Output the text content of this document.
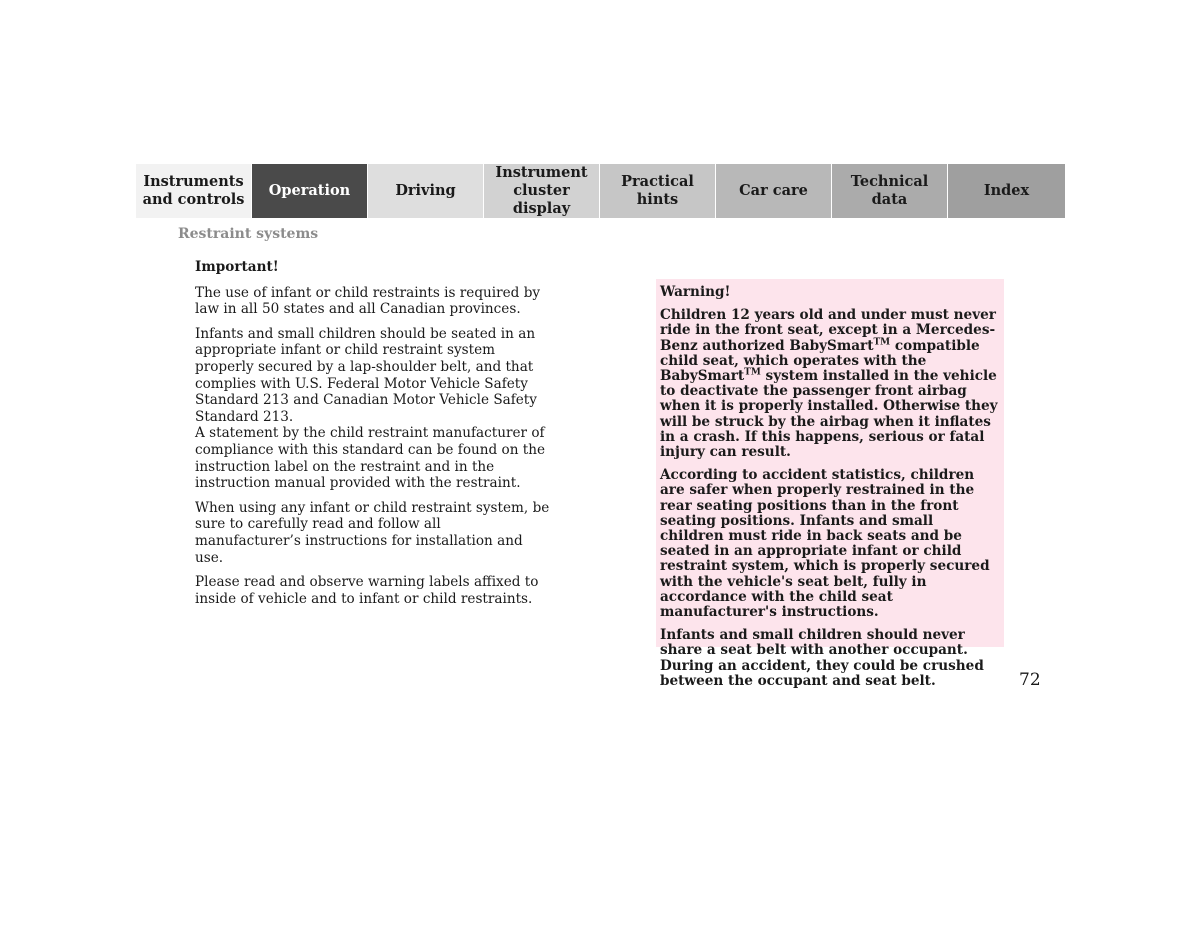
Instruments
and controls
Operation	Driving
Instrument
cluster display
Practical hints
Car care
Technical
data
Index
Restraint systems

Important!

The use of infant or child restraints is required by law in all 50 states and all Canadian provinces.

Infants and small children should be seated in an appropriate infant or child restraint system properly secured by a lap-shoulder belt, and that complies with U.S. Federal Motor Vehicle Safety Standard 213 and Canadian Motor Vehicle Safety Standard 213.

A statement by the child restraint manufacturer of compliance with this standard can be found on the instruction label on the restraint and in the instruction manual provided with the restraint.

When using any infant or child restraint system, be sure to carefully read and follow all manufacturer’s instructions for installation and use.

Please read and observe warning labels affixed to inside of vehicle and to infant or child restraints.

Warning!

Children 12 years old and under must never ride in the front seat, except in a Mercedes-Benz authorized BabySmart™ compatible child seat, which operates with the BabySmart™ system installed in the vehicle to deactivate the passenger front airbag when it is properly installed. Otherwise they will be struck by the airbag when it inflates in a crash. If this happens, serious or fatal injury can result.

According to accident statistics, children are safer when properly restrained in the rear seating positions than in the front seating positions. Infants and small children must ride in back seats and be seated in an appropriate infant or child restraint system, which is properly secured with the vehicle's seat belt, fully in accordance with the child seat manufacturer's instructions.

Infants and small children should never share a seat belt with another occupant. During an accident, they could be crushed between the occupant and seat belt.	72
